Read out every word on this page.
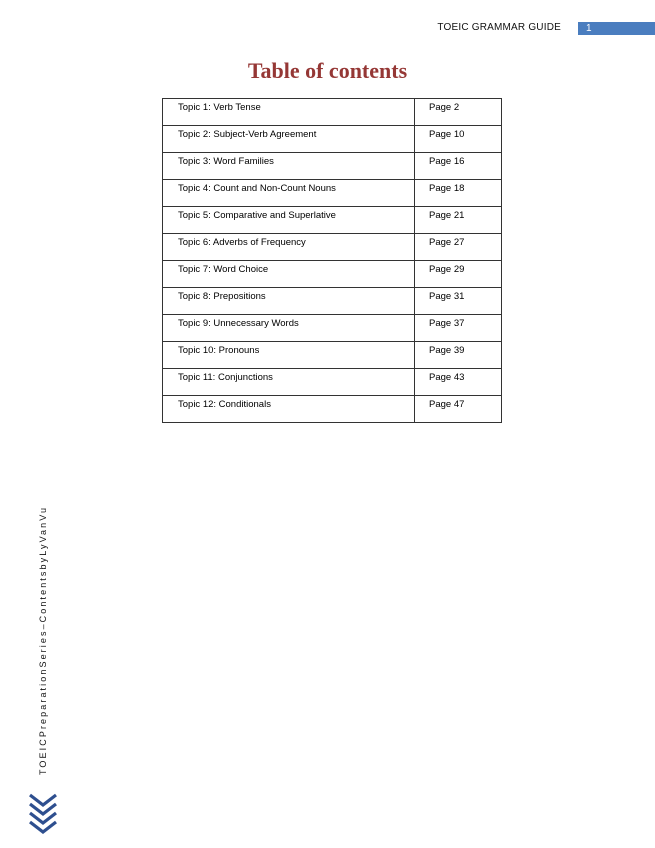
TOEIC GRAMMAR GUIDE	1
Table of contents
Topic 1: Verb Tense	Page 2
Topic 2: Subject-Verb Agreement	Page 10
Topic 3: Word Families	Page 16
Topic 4: Count and Non-Count Nouns	Page 18
Topic 5: Comparative and Superlative	Page 21
Topic 6: Adverbs of Frequency	Page 27
Topic 7: Word Choice	Page 29
Topic 8: Prepositions	Page 31
Topic 9: Unnecessary Words	Page 37
Topic 10: Pronouns	Page 39
Topic 11: Conjunctions	Page 43
Topic 12: Conditionals	Page 47
TOEICPreparationSeries–ContentsbyLyVanVu
